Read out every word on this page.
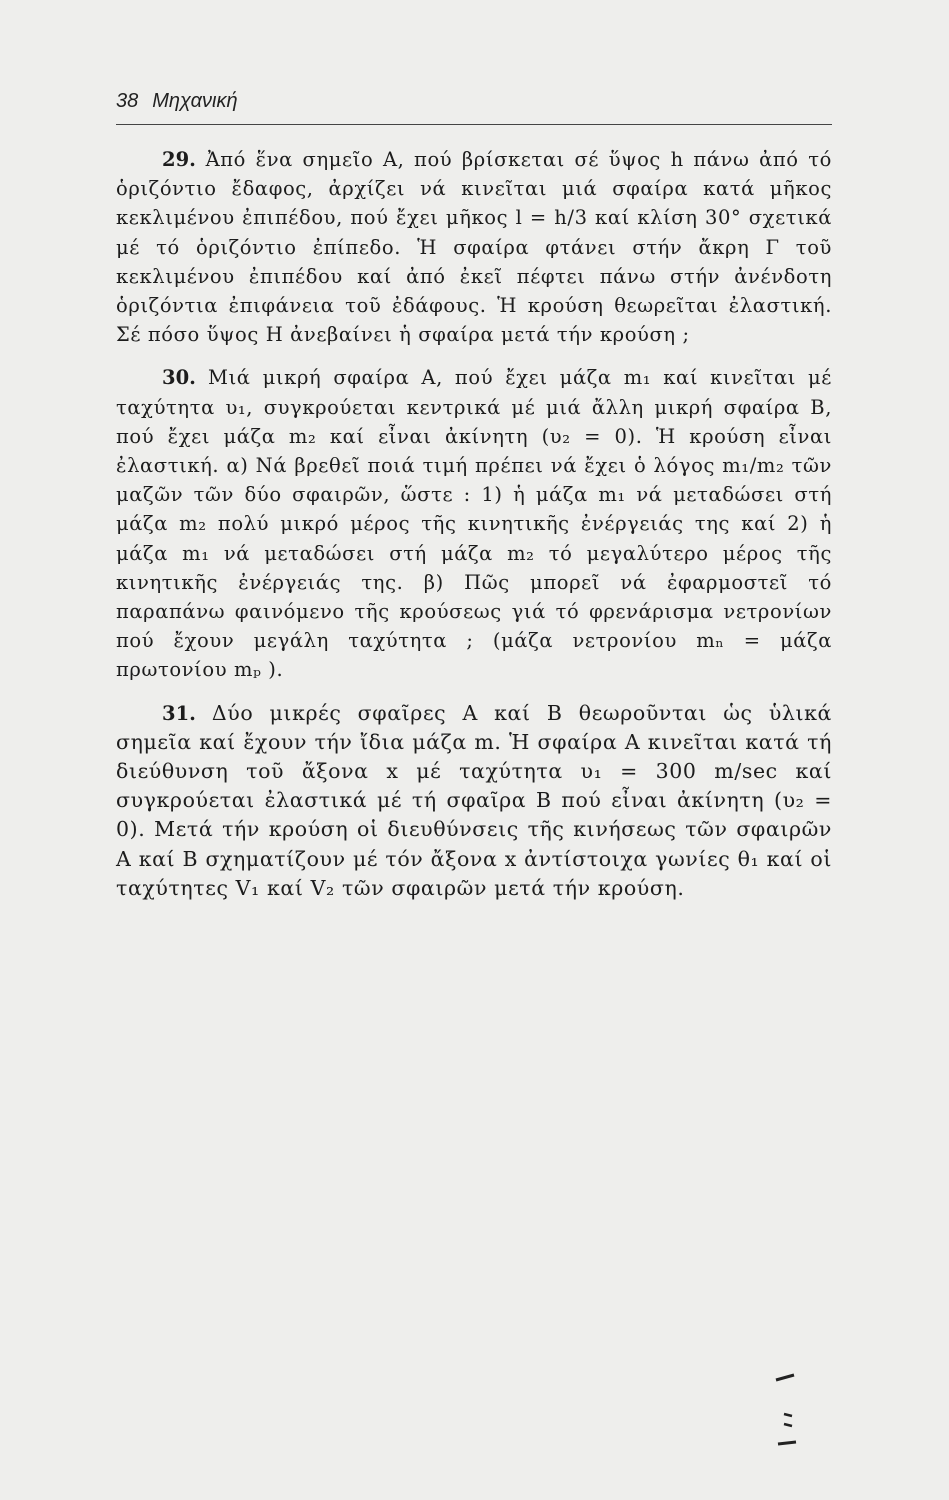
38 Μηχανική

29. Ἀπό ἕνα σημεῖο Α, πού βρίσκεται σέ ὕψος h πάνω ἀπό τό ὁριζόντιο ἔδαφος, ἀρχίζει νά κινεῖται μιά σφαίρα κατά μῆκος κεκλιμένου ἐπιπέδου, πού ἔχει μῆκος l = h/3 καί κλίση 30° σχετικά μέ τό ὁριζόντιο ἐπίπεδο. Ἡ σφαίρα φτάνει στήν ἄκρη Γ τοῦ κεκλιμένου ἐπιπέδου καί ἀπό ἐκεῖ πέφτει πάνω στήν ἀνένδοτη ὁριζόντια ἐπιφάνεια τοῦ ἐδάφους. Ἡ κρούση θεωρεῖται ἐλαστική. Σέ πόσο ὕψος Η ἀνεβαίνει ἡ σφαίρα μετά τήν κρούση ;

30. Μιά μικρή σφαίρα Α, πού ἔχει μάζα m₁ καί κινεῖται μέ ταχύτητα υ₁, συγκρούεται κεντρικά μέ μιά ἄλλη μικρή σφαίρα Β, πού ἔχει μάζα m₂ καί εἶναι ἀκίνητη (υ₂ = 0). Ἡ κρούση εἶναι ἐλαστική. α) Νά βρεθεῖ ποιά τιμή πρέπει νά ἔχει ὁ λόγος m₁/m₂ τῶν μαζῶν τῶν δύο σφαιρῶν, ὥστε : 1) ἡ μάζα m₁ νά μεταδώσει στή μάζα m₂ πολύ μικρό μέρος τῆς κινητικῆς ἐνέργειάς της καί 2) ἡ μάζα m₁ νά μεταδώσει στή μάζα m₂ τό μεγαλύτερο μέρος τῆς κινητικῆς ἐνέργειάς της. β) Πῶς μπορεῖ νά ἐφαρμοστεῖ τό παραπάνω φαινόμενο τῆς κρούσεως γιά τό φρενάρισμα νετρονίων πού ἔχουν μεγάλη ταχύτητα ; (μάζα νετρονίου mₙ = μάζα πρωτονίου mₚ ).

31. Δύο μικρές σφαῖρες Α καί Β θεωροῦνται ὡς ὑλικά σημεῖα καί ἔχουν τήν ἴδια μάζα m. Ἡ σφαίρα Α κινεῖται κατά τή διεύθυνση τοῦ ἄξονα x μέ ταχύτητα υ₁ = 300 m/sec καί συγκρούεται ἐλαστικά μέ τή σφαῖρα Β πού εἶναι ἀκίνητη (υ₂ = 0). Μετά τήν κρούση οἱ διευθύνσεις τῆς κινήσεως τῶν σφαιρῶν Α καί Β σχηματίζουν μέ τόν ἄξονα x ἀντίστοιχα γωνίες θ₁ καί οἱ ταχύτητες V₁ καί V₂ τῶν σφαιρῶν μετά τήν κρούση.
